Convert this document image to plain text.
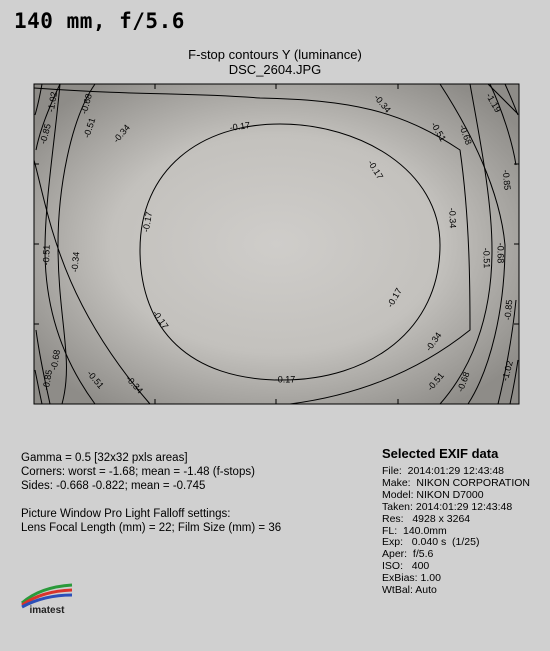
140 mm, f/5.6
F-stop contours Y (luminance)
DSC_2604.JPG
-0.17
-0.17
-0.17
-0.17
-0.17
-0.17
-0.34
-0.34
-0.34
-0.34
-0.34
-0.34
-0.51	-0.51
-0.51
-0.51
-0.51
-0.51
-0.68
-0.68
-0.68
-0.68
-0.68
-0.85
-0.85
-0.85
-0.85
-1.02
-1.02
-1.19
Gamma = 0.5 [32x32 pxls areas]
Corners: worst = -1.68; mean = -1.48 (f-stops)
Sides: -0.668 -0.822; mean = -0.745
Picture Window Pro Light Falloff settings:
Lens Focal Length (mm) = 22; Film Size (mm) = 36
Selected EXIF data
File:  2014:01:29 12:43:48
Make:  NIKON CORPORATION
Model: NIKON D7000
Taken: 2014:01:29 12:43:48
Res:   4928 x 3264
FL:  140.0mm
Exp:   0.040 s  (1/25)
Aper:  f/5.6
ISO:   400
ExBias: 1.00
WtBal: Auto
imatest
